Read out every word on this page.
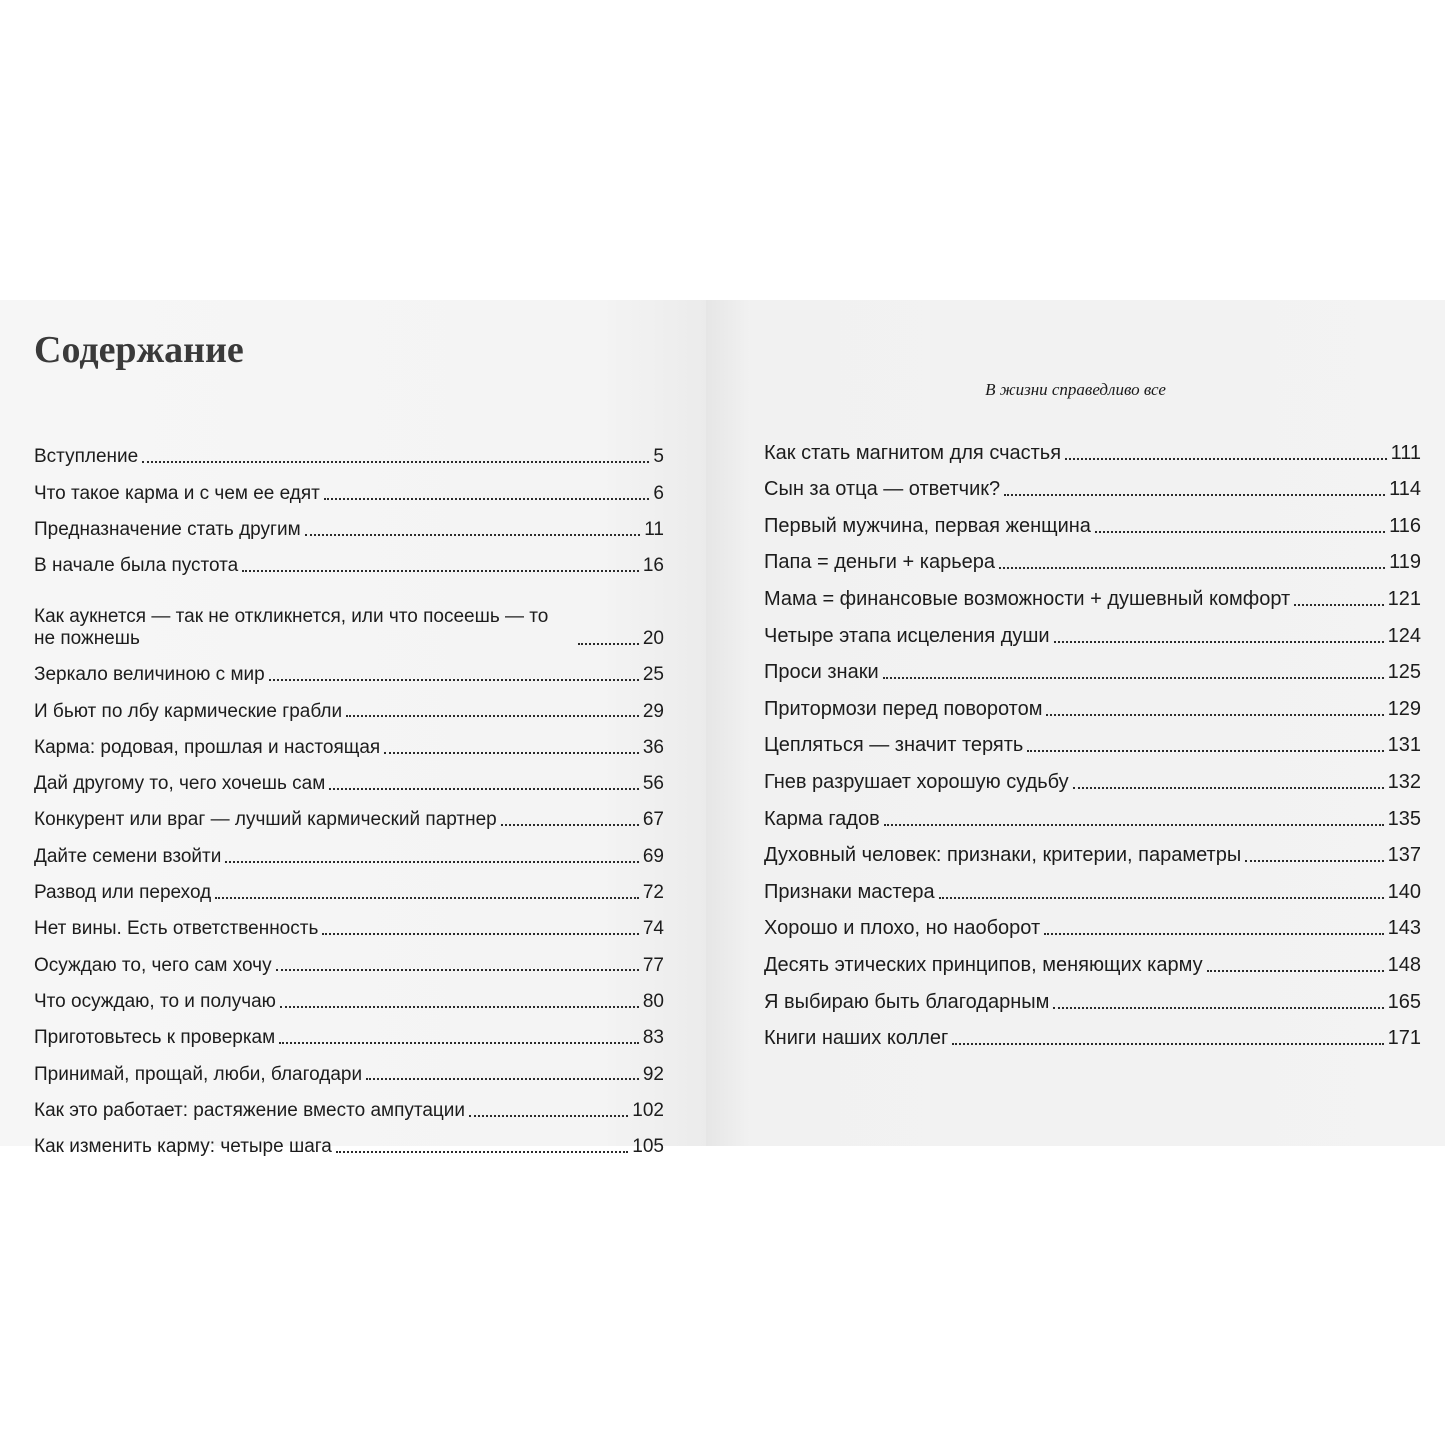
Содержание
Вступление	5
Что такое карма и с чем ее едят	6
Предназначение стать другим	11
В начале была пустота	16
Как аукнется — так не откликнется, или что посеешь — то не пожнешь	20
Зеркало величиною с мир	25
И бьют по лбу кармические грабли	29
Карма: родовая, прошлая и настоящая	36
Дай другому то, чего хочешь сам	56
Конкурент или враг — лучший кармический партнер	67
Дайте семени взойти	69
Развод или переход	72
Нет вины. Есть ответственность	74
Осуждаю то, чего сам хочу	77
Что осуждаю, то и получаю	80
Приготовьтесь к проверкам	83
Принимай, прощай, люби, благодари	92
Как это работает: растяжение вместо ампутации	102
Как изменить карму: четыре шага	105
В жизни справедливо все
Как стать магнитом для счастья	111
Сын за отца — ответчик?	114
Первый мужчина, первая женщина	116
Папа = деньги + карьера	119
Мама = финансовые возможности + душевный комфорт	121
Четыре этапа исцеления души	124
Проси знаки	125
Притормози перед поворотом	129
Цепляться — значит терять	131
Гнев разрушает хорошую судьбу	132
Карма гадов	135
Духовный человек: признаки, критерии, параметры	137
Признаки мастера	140
Хорошо и плохо, но наоборот	143
Десять этических принципов, меняющих карму	148
Я выбираю быть благодарным	165
Книги наших коллег	171
